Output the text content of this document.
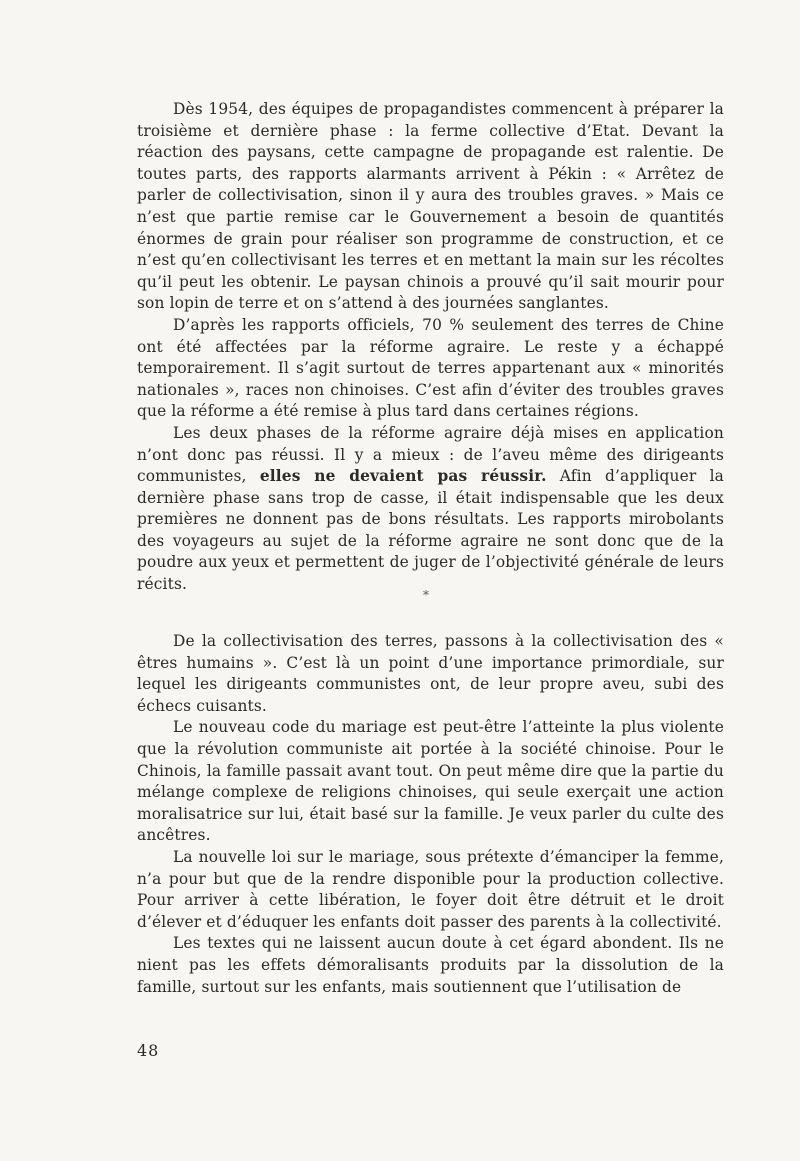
Dès 1954, des équipes de propagandistes commencent à préparer la troisième et dernière phase : la ferme collective d’Etat. Devant la réaction des paysans, cette campagne de propagande est ralentie. De toutes parts, des rapports alarmants arrivent à Pékin : « Arrêtez de parler de collectivisation, sinon il y aura des troubles graves. » Mais ce n’est que partie remise car le Gouvernement a besoin de quantités énormes de grain pour réaliser son programme de construction, et ce n’est qu’en collectivisant les terres et en mettant la main sur les récoltes qu’il peut les obtenir. Le paysan chinois a prouvé qu’il sait mourir pour son lopin de terre et on s’attend à des journées sanglantes.

D’après les rapports officiels, 70 % seulement des terres de Chine ont été affectées par la réforme agraire. Le reste y a échappé temporairement. Il s’agit surtout de terres appartenant aux « minorités nationales », races non chinoises. C’est afin d’éviter des troubles graves que la réforme a été remise à plus tard dans certaines régions.

Les deux phases de la réforme agraire déjà mises en application n’ont donc pas réussi. Il y a mieux : de l’aveu même des dirigeants communistes, elles ne devaient pas réussir. Afin d’appliquer la dernière phase sans trop de casse, il était indispensable que les deux premières ne donnent pas de bons résultats. Les rapports mirobolants des voyageurs au sujet de la réforme agraire ne sont donc que de la poudre aux yeux et permettent de juger de l’objectivité générale de leurs récits.

*

De la collectivisation des terres, passons à la collectivisation des « êtres humains ». C’est là un point d’une importance primordiale, sur lequel les dirigeants communistes ont, de leur propre aveu, subi des échecs cuisants.

Le nouveau code du mariage est peut-être l’atteinte la plus violente que la révolution communiste ait portée à la société chinoise. Pour le Chinois, la famille passait avant tout. On peut même dire que la partie du mélange complexe de religions chinoises, qui seule exerçait une action moralisatrice sur lui, était basé sur la famille. Je veux parler du culte des ancêtres.

La nouvelle loi sur le mariage, sous prétexte d’émanciper la femme, n’a pour but que de la rendre disponible pour la production collective. Pour arriver à cette libération, le foyer doit être détruit et le droit d’élever et d’éduquer les enfants doit passer des parents à la collectivité.

Les textes qui ne laissent aucun doute à cet égard abondent. Ils ne nient pas les effets démoralisants produits par la dissolution de la famille, surtout sur les enfants, mais soutiennent que l’utilisation de

48
